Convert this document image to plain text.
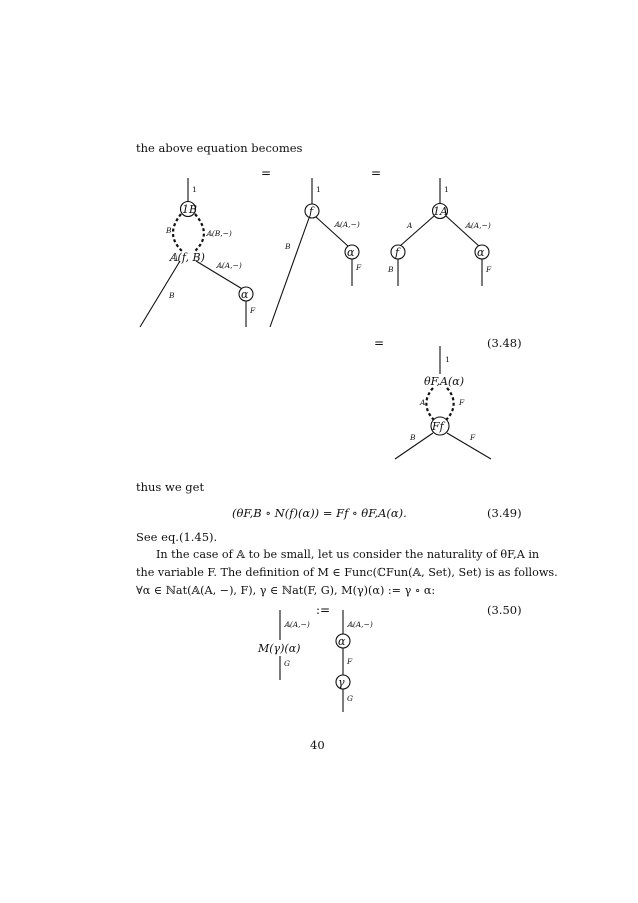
the above equation becomes
thus we get
(θF,B ∘ N(f)(α)) = Ff ∘ θF,A(α).	(3.49)
See eq.(1.45).
In the case of 𝔸 to be small, let us consider the naturality of θF,A in
the variable F. The definition of M ∈ Func(ℂFun(𝔸, Set), Set) is as follows.
∀α ∈ ℕat(𝔸(A, −), F), γ ∈ ℕat(F, G), M(γ)(α) := γ ∘ α:
40
=	=
=	(3.48)
:=	(3.50)
1
1B
B	𝔸(B,−)
𝔸(f, B)
𝔸(A,−)
α
B
F
1
f
𝔸(A,−)
α
B
F
1
1A
A	𝔸(A,−)
f	α
B	F
1
θF,A(α)
A	F
Ff
B	F
𝔸(A,−)
M(γ)(α)
G
𝔸(A,−)
α
F
γ
G
